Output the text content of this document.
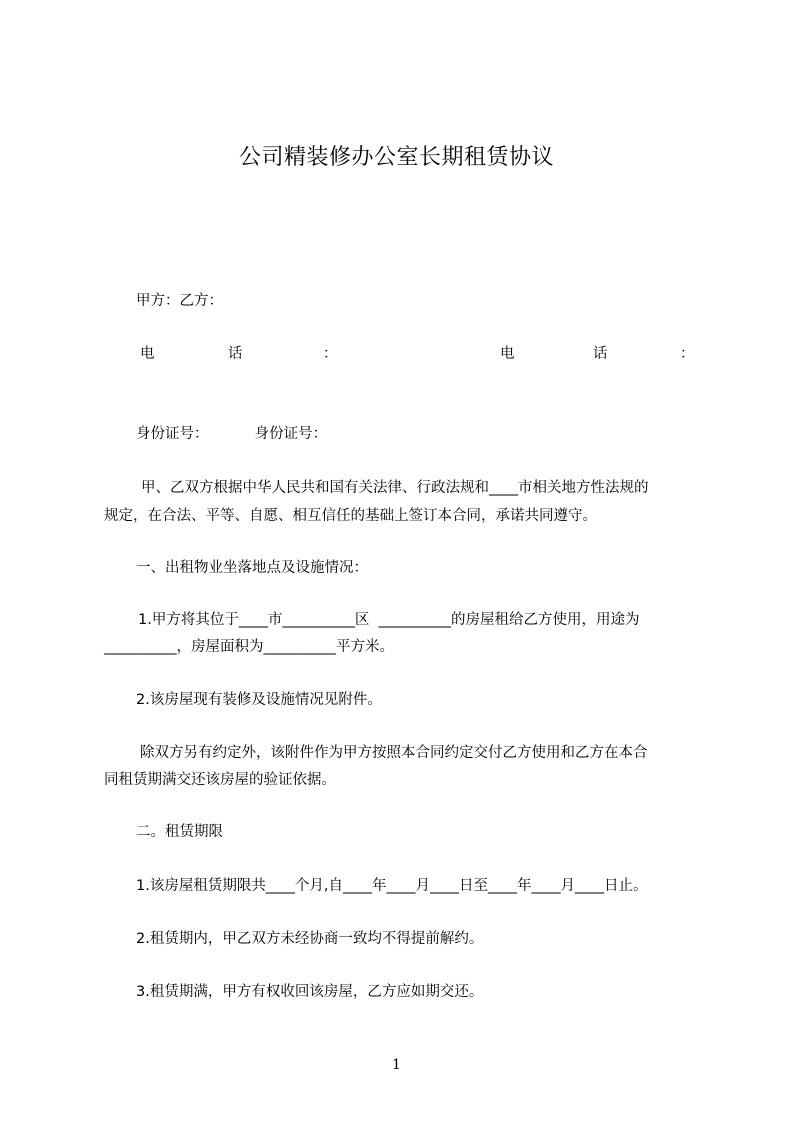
公司精装修办公室长期租赁协议
甲方：乙方：
电	话	：	电	话	：
身份证号：          身份证号：
甲、乙双方根据中华人民共和国有关法律、行政法规和____市相关地方性法规的
规定，在合法、平等、自愿、相互信任的基础上签订本合同，承诺共同遵守。
一、出租物业坐落地点及设施情况：
1.甲方将其位于____市__________区  __________的房屋租给乙方使用，用途为
__________，房屋面积为__________平方米。
2.该房屋现有装修及设施情况见附件。
除双方另有约定外，该附件作为甲方按照本合同约定交付乙方使用和乙方在本合
同租赁期满交还该房屋的验证依据。
二。租赁期限
1.该房屋租赁期限共____个月,自____年____月____日至____年____月____日止。
2.租赁期内，甲乙双方未经协商一致均不得提前解约。
3.租赁期满，甲方有权收回该房屋，乙方应如期交还。
1
